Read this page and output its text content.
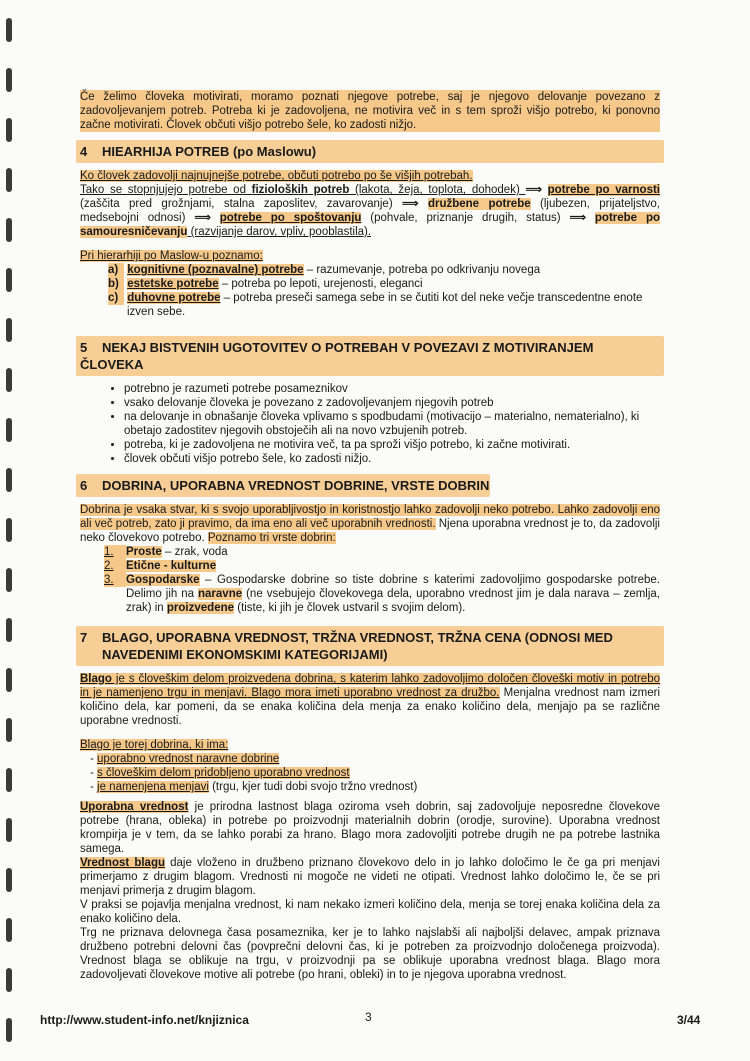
Če želimo človeka motivirati, moramo poznati njegove potrebe, saj je njegovo delovanje povezano z zadovoljevanjem potreb. Potreba ki je zadovoljena, ne motivira več in s tem sproži višjo potrebo, ki ponovno začne motivirati. Človek občuti višjo potrebo šele, ko zadosti nižjo.

4 HIEARHIJA POTREB (po Maslowu)

Ko človek zadovolji najnujnejše potrebe, občuti potrebo po še višjih potrebah.

Tako se stopnjujejo potrebe od fizioloških potreb (lakota, žeja, toplota, dohodek) ⟹ potrebe po varnosti (zaščita pred grožnjami, stalna zaposlitev, zavarovanje) ⟹ družbene potrebe (ljubezen, prijateljstvo, medsebojni odnosi) ⟹ potrebe po spoštovanju (pohvale, priznanje drugih, status) ⟹ potrebe po samouresničevanju (razvijanje darov, vpliv, pooblastila).

Pri hierarhiji po Maslow-u poznamo:

a) kognitivne (poznavalne) potrebe – razumevanje, potreba po odkrivanju novega
b) estetske potrebe – potreba po lepoti, urejenosti, eleganci
c) duhovne potrebe – potreba preseči samega sebe in se čutiti kot del neke večje transcedentne enote izven sebe.
5 NEKAJ BISTVENIH UGOTOVITEV O POTREBAH V POVEZAVI Z MOTIVIRANJEM ČLOVEKA
• potrebno je razumeti potrebe posameznikov
• vsako delovanje človeka je povezano z zadovoljevanjem njegovih potreb
• na delovanje in obnašanje človeka vplivamo s spodbudami (motivacijo – materialno, nematerialno), ki obetajo zadostitev njegovih obstoječih ali na novo vzbujenih potreb.
• potreba, ki je zadovoljena ne motivira več, ta pa sproži višjo potrebo, ki začne motivirati.
• človek občuti višjo potrebo šele, ko zadosti nižjo.
6 DOBRINA, UPORABNA VREDNOST DOBRINE, VRSTE DOBRIN

Dobrina je vsaka stvar, ki s svojo uporabljivostjo in koristnostjo lahko zadovolji neko potrebo. Lahko zadovolji eno ali več potreb, zato ji pravimo, da ima eno ali več uporabnih vrednosti. Njena uporabna vrednost je to, da zadovolji neko človekovo potrebo. Poznamo tri vrste dobrin:

1. Proste – zrak, voda
2. Etične - kulturne
3. Gospodarske – Gospodarske dobrine so tiste dobrine s katerimi zadovoljimo gospodarske potrebe. Delimo jih na naravne (ne vsebujejo človekovega dela, uporabno vrednost jim je dala narava – zemlja, zrak) in proizvedene (tiste, ki jih je človek ustvaril s svojim delom).
7 BLAGO, UPORABNA VREDNOST, TRŽNA VREDNOST, TRŽNA CENA (ODNOSI MED NAVEDENIMI EKONOMSKIMI KATEGORIJAMI)

Blago je s človeškim delom proizvedena dobrina, s katerim lahko zadovoljimo določen človeški motiv in potrebo in je namenjeno trgu in menjavi. Blago mora imeti uporabno vrednost za družbo. Menjalna vrednost nam izmeri količino dela, kar pomeni, da se enaka količina dela menja za enako količino dela, menjajo pa se različne uporabne vrednosti.

Blago je torej dobrina, ki ima:

- uporabno vrednost naravne dobrine
- s človeškim delom pridobljeno uporabno vrednost
- je namenjena menjavi (trgu, kjer tudi dobi svojo tržno vrednost)

Uporabna vrednost je prirodna lastnost blaga oziroma vseh dobrin, saj zadovoljuje neposredne človekove potrebe (hrana, obleka) in potrebe po proizvodnji materialnih dobrin (orodje, surovine). Uporabna vrednost krompirja je v tem, da se lahko porabi za hrano. Blago mora zadovoljiti potrebe drugih ne pa potrebe lastnika samega.

Vrednost blagu daje vloženo in družbeno priznano človekovo delo in jo lahko določimo le če ga pri menjavi primerjamo z drugim blagom. Vrednosti ni mogoče ne videti ne otipati. Vrednost lahko določimo le, če se pri menjavi primerja z drugim blagom.

V praksi se pojavlja menjalna vrednost, ki nam nekako izmeri količino dela, menja se torej enaka količina dela za enako količino dela.

Trg ne priznava delovnega časa posameznika, ker je to lahko najslabši ali najboljši delavec, ampak priznava družbeno potrebni delovni čas (povprečni delovni čas, ki je potreben za proizvodnjo določenega proizvoda). Vrednost blaga se oblikuje na trgu, v proizvodnji pa se oblikuje uporabna vrednost blaga. Blago mora zadovoljevati človekove motive ali potrebe (po hrani, obleki) in to je njegova uporabna vrednost.

http://www.student-info.net/knjiznica	3	3/44
